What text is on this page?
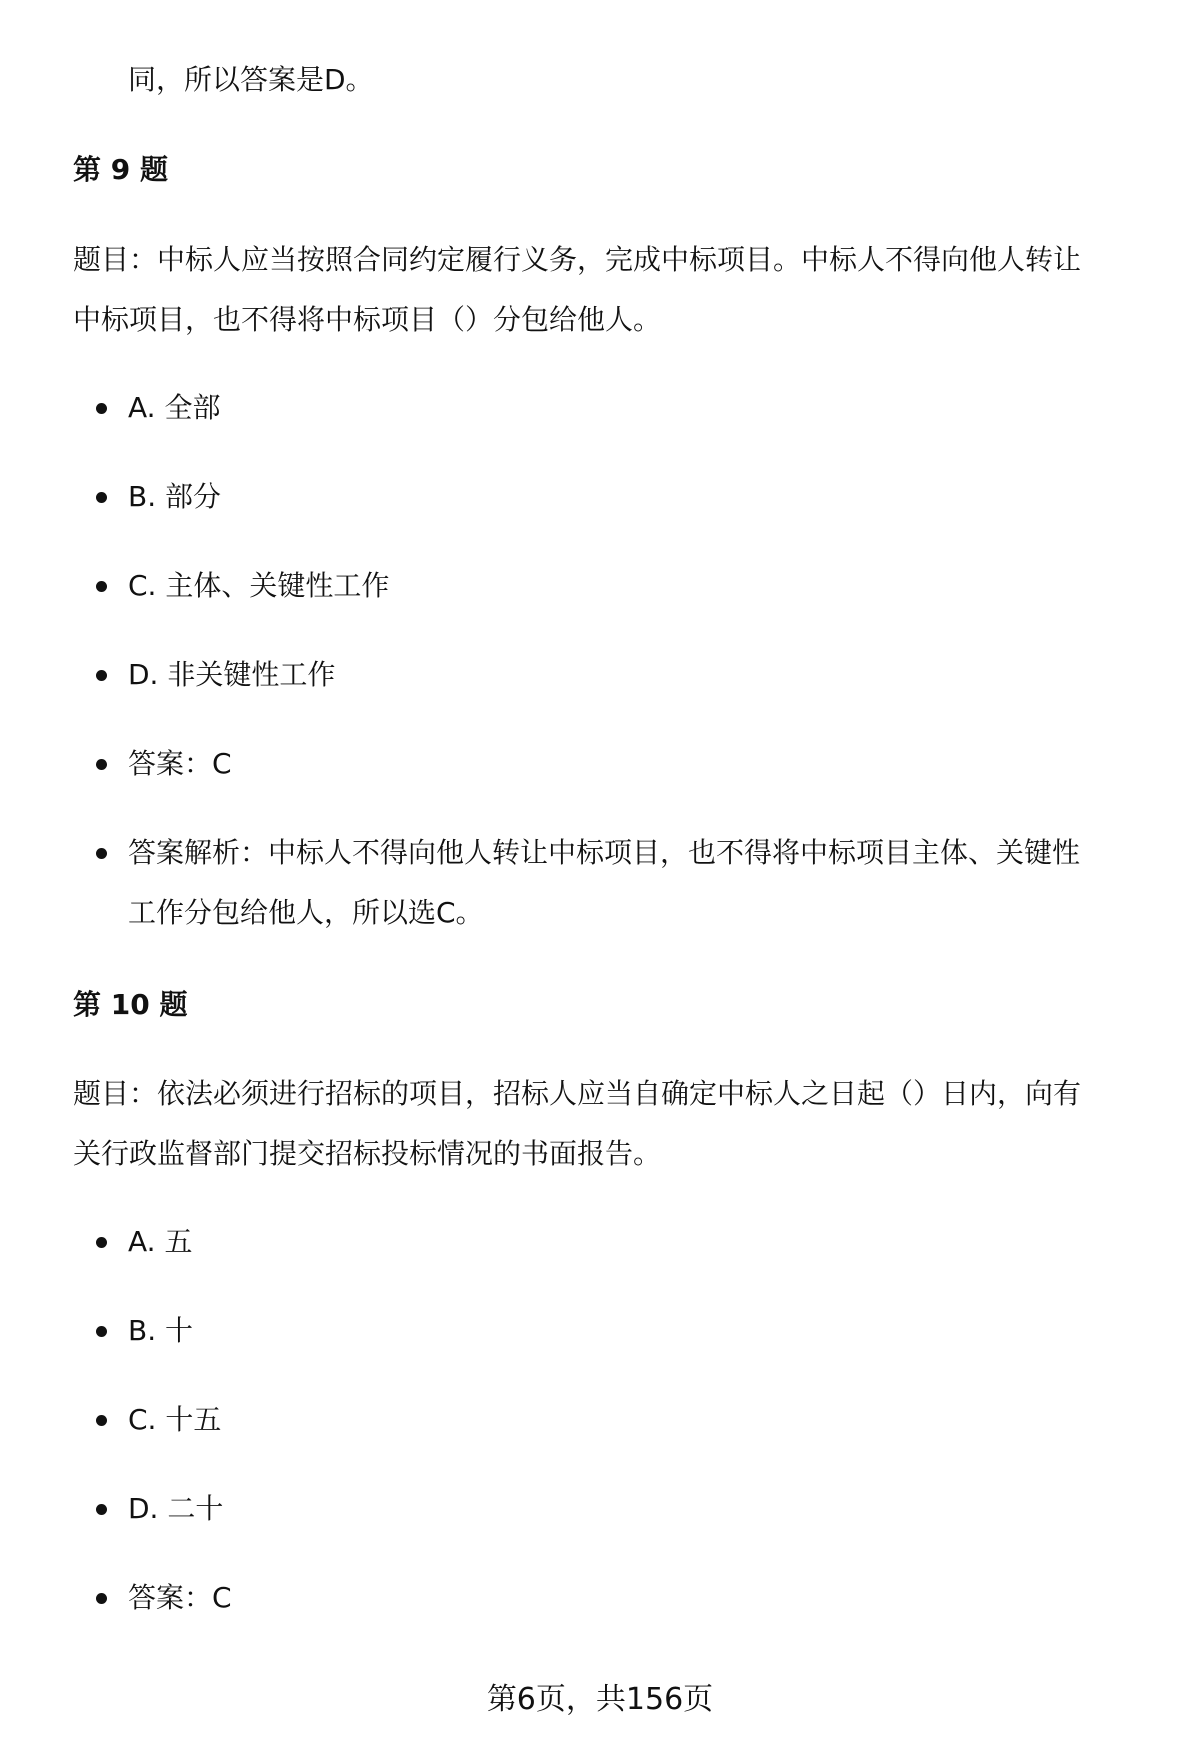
同，所以答案是D。
第 9 题
题目：中标人应当按照合同约定履行义务，完成中标项目。中标人不得向他人转让
中标项目，也不得将中标项目（）分包给他人。
A. 全部
B. 部分
C. 主体、关键性工作
D. 非关键性工作
答案：C
答案解析：中标人不得向他人转让中标项目，也不得将中标项目主体、关键性
工作分包给他人，所以选C。
第 10 题
题目：依法必须进行招标的项目，招标人应当自确定中标人之日起（）日内，向有
关行政监督部门提交招标投标情况的书面报告。
A. 五
B. 十
C. 十五
D. 二十
答案：C
第6页，共156页
